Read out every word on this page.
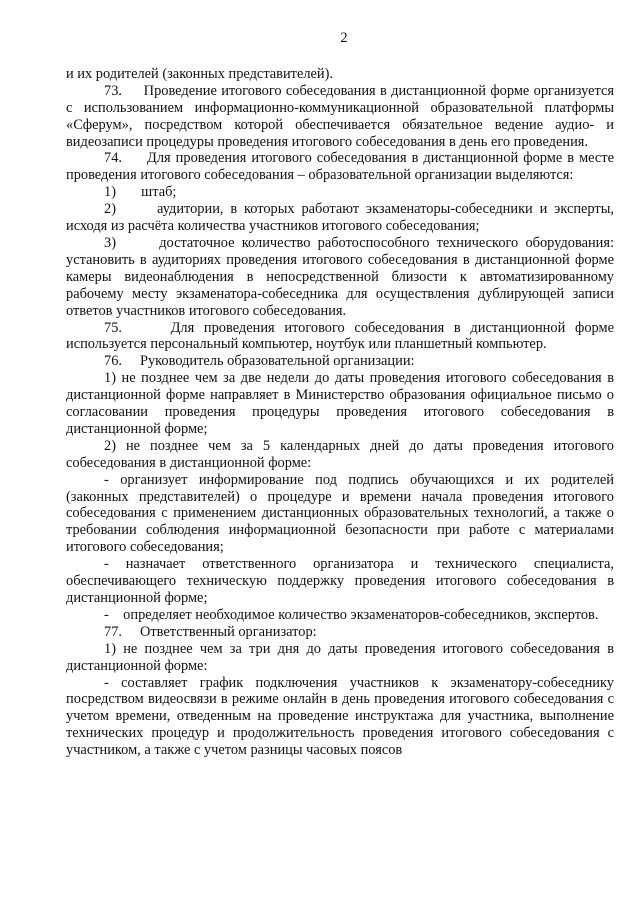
2

и их родителей (законных представителей).

73.     Проведение итогового собеседования в дистанционной форме организуется с использованием информационно-коммуникационной образовательной платформы «Сферум», посредством которой обеспечивается обязательное ведение аудио- и видеозаписи процедуры проведения итогового собеседования в день его проведения.

74.     Для проведения итогового собеседования в дистанционной форме в месте проведения итогового собеседования – образовательной организации выделяются:

1)       штаб;

2)      аудитории, в которых работают экзаменаторы-собеседники и эксперты, исходя из расчёта количества участников итогового собеседования;

3)      достаточное количество работоспособного технического оборудования: установить в аудиториях проведения итогового собеседования в дистанционной форме камеры видеонаблюдения в непосредственной близости к автоматизированному рабочему месту экзаменатора-собеседника для осуществления дублирующей записи ответов участников итогового собеседования.

75.     Для проведения итогового собеседования в дистанционной форме используется персональный компьютер, ноутбук или планшетный компьютер.

76.     Руководитель образовательной организации:

1) не позднее чем за две недели до даты проведения итогового собеседования в дистанционной форме направляет в Министерство образования официальное письмо о согласовании проведения процедуры проведения итогового собеседования в дистанционной форме;

2) не позднее чем за 5 календарных дней до даты проведения итогового собеседования в дистанционной форме:

- организует информирование под подпись обучающихся и их родителей (законных представителей) о процедуре и времени начала проведения итогового собеседования с применением дистанционных образовательных технологий, а также о требовании соблюдения информационной безопасности при работе с материалами итогового собеседования;

- назначает ответственного организатора и технического специалиста, обеспечивающего техническую поддержку проведения итогового собеседования в дистанционной форме;

-    определяет необходимое количество экзаменаторов-собеседников, экспертов.

77.     Ответственный организатор:

1) не позднее чем за три дня до даты проведения итогового собеседования в дистанционной форме:

- составляет график подключения участников к экзаменатору-собеседнику посредством видеосвязи в режиме онлайн в день проведения итогового собеседования с учетом времени, отведенным на проведение инструктажа для участника, выполнение технических процедур и продолжительность проведения итогового собеседования с участником, а также с учетом разницы часовых поясов
